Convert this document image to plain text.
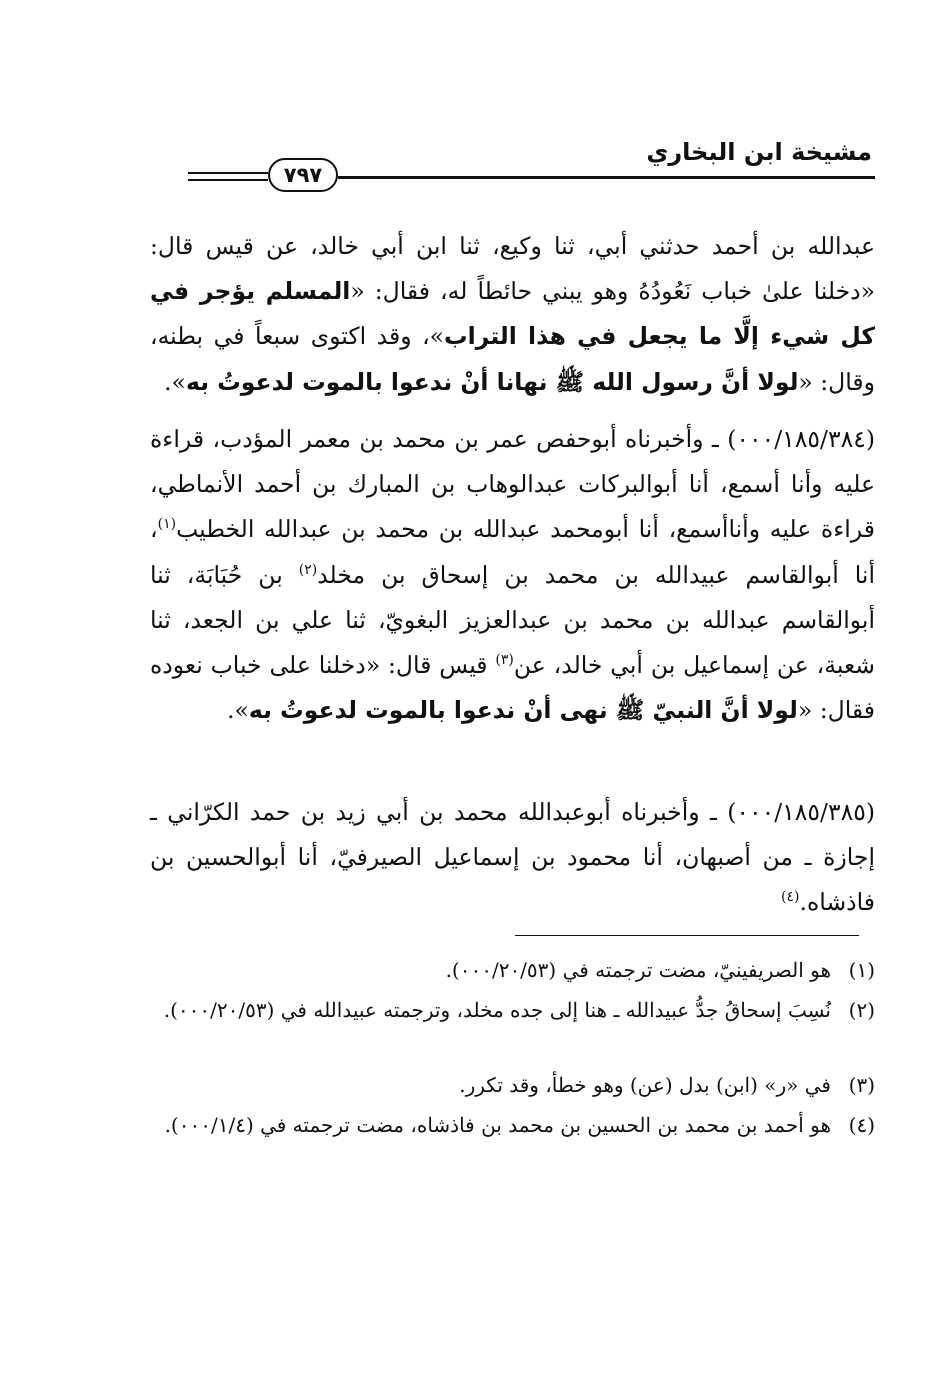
مشيخة ابن البخاري
٧٩٧

عبدالله بن أحمد حدثني أبي، ثنا وكيع، ثنا ابن أبي خالد، عن قيس قال: «دخلنا علىٰ خباب نَعُودُهُ وهو يبني حائطاً له، فقال: «المسلم يؤجر في كل شيء إلَّا ما يجعل في هذا التراب»، وقد اكتوى سبعاً في بطنه، وقال: «لولا أنَّ رسول الله ﷺ نهانا أنْ ندعوا بالموت لدعوتُ به».

(٠٠٠/١٨٥/٣٨٤) ـ وأخبرناه أبوحفص عمر بن محمد بن معمر المؤدب، قراءة عليه وأنا أسمع، أنا أبوالبركات عبدالوهاب بن المبارك بن أحمد الأنماطي، قراءة عليه وأناأسمع، أنا أبومحمد عبدالله بن محمد بن عبدالله الخطيب$^{(١)}$، أنا أبوالقاسم عبيدالله بن محمد بن إسحاق بن مخلد$^{(٢)}$ بن حُبَابَة، ثنا أبوالقاسم عبدالله بن محمد بن عبدالعزيز البغويّ، ثنا علي بن الجعد، ثنا شعبة، عن إسماعيل بن أبي خالد، عن$^{(٣)}$ قيس قال: «دخلنا على خباب نعوده فقال: «لولا أنَّ النبيّ ﷺ نهى أنْ ندعوا بالموت لدعوتُ به».

(٠٠٠/١٨٥/٣٨٥) ـ وأخبرناه أبوعبدالله محمد بن أبي زيد بن حمد الكرّاني ـ إجازة ـ من أصبهان، أنا محمود بن إسماعيل الصيرفيّ، أنا أبوالحسين بن فاذشاه.$^{(٤)}$

(١)هو الصريفينيّ، مضت ترجمته في (٠٠٠/٢٠/٥٣).

(٢)نُسِبَ إسحاقُ جدُّ عبيدالله ـ هنا إلى جده مخلد، وترجمته عبيدالله في (٠٠٠/٢٠/٥٣).

(٣)في «ر» (ابن) بدل (عن) وهو خطأ، وقد تكرر.

(٤)هو أحمد بن محمد بن الحسين بن محمد بن فاذشاه، مضت ترجمته في (٠٠٠/١/٤).
